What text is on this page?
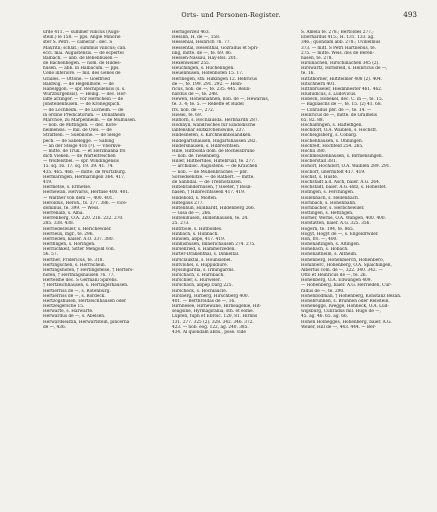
Orts- und Personen-Register.	493
urde 411. — summer villicus (Augs-
stein.) le 158. — pps. Angle Minorie
ster S. Petri. — camerar : dec. S
Mauritii; schlat.; summus villicus; can.
eccl. mai. Augustensis. — de ecpertel
Balbach. — abb. de Bebenhusen —
de Bachenhegen. — nom. de Hildes-
husen. — abb. in Halbacum. — pps.
Celle inferiore. — mil. des Genes de
Gralles. — Ottone. — Goeffried
Baldwig. — de Hegenlhofe. — de
Habelggon. — spr. Rechipulensis (s. s.
Würzburgensis). — Heilig. — dec. Hor-
laffe arzinger. — vor Hernchein — de
Jonstellenhusen. — de Kronegspich.
— de Lochheim. — de Lucheim. — de
in ordine Predicatorum. — Donatheim
Marchoe, zu Marpenheim. — de Mulhusen.
— nob. de Mittingen. — dec. Kore-
heimensis. — mil. de Ows. — de
Straffsen. — Suebilohe. — de Sleige
pech. — de Sabelegge. — Sabing
— an der Steige 416 (?). — Vberkve-
— mitte. de Truk. — et Herzmanna frs
dicti Vieken. — de Warteltreichen
— Wolfelsthel. — spr. Windingensis
15. sq. 16. 17. sq. 19. 39. 41. 74.
435. 465. 466. — mitte. de Wurtzburg.
Hermaringen, Hermaringen 364. 417.
419.
Hermetse, s. Ermetse.
Hernewan. Hervarss, Hertlise 400. 401.
— Walther von dem —, 400. 401.
Heroldus, Heroh., ts. 377. 386. — vice-
dominus, te. 399. — Wess.
Herrenalb, s. Alba.
Herrenberg, O.A. 220. 216. 232. 270.
285. 338. 438.
Herriedeswiler, s. Herichewiler.
Herrieux, mgr., te. 296.
Herrieden, kaiser. A.O. 337. 380.
Herlfingen, s. Horingen.
Herrlichkeit, Sitter Mengold von.
56. 57.
Herther, Fridericus, te. 318.
Hertingschen, s. Herrnchein.
Hertingshofen, † Hertingsfelse, † Herters-
hofen, † Herthingshausen 76. 77.
Hertelshe dec. S Germani Spirens.
† Hertzeichhausen, s. Hertzigerhausen.
Hertierriss de —, s. Rotenburg.
Hertierriss de —, s. Rordeck.
Hertzogshusen, Hertzeichhausen oder
Hertzeigersche 15.
Herwarte, s. Harwarte.
Herwardus de —, s. Abelsen.
Herwardseistin, Herwartstein, pincerna
de —, 436.
Hernigerzeil 463.
Hesslin, H. de —, 158.
Hessenial, Heinrich 76. 77.
Hessental, Hesenthal, Gozradus et Spri-
ling, mitte. de —, te. 69. 86.
Hessen-Nassau, Hay-Bss. 201.
Hexenweiler 255.
Heuchingen, s. Huchelingen.
Heuenhusen, Hofenhofen 15. 17.
Herinegen, stn. Hilkingen 12. Hebricus
de —, te. 199. 291. 292. — Hein-
ricus, nob. de —, te. 235. 445. Relin-
hardus de —, te. 248.
Hewen, Hohenhahnen, nob. de —, Hewarius,
te. 3. 4; te. 5. — Rebeffe et Rüdel
frs. nob. de —, 272.
Hiesel, te. 69.
Hilflorn, s. Hochlausda. Herbhardh 287.
Hodinyll, wandrisches für Eindodische
lanfensbar Hiltkirchenswille, 237.
Hildeshefen, s. Kirchheimbolandken.
Hildegartshausen, Hilgartshausen 282.
Hildershausen, s. Hilbrechtsen.
Hille, Hiltbolda dom. de Bochelsbruno
— nob. de Tiesenberg.
Hiller, Hiltbertdes, Hiltebruat, te. 277.
— archidioc. Augustens. — de Kraichen
— nob. — de Mullenbraches — pbr.
Sorsedsenitze. — de Rathert. — mitte.
de Sanndal. — de Trebhofanzen.
Hiltebranderhusen, † Hoeter, † Bosli-
hasen, † Hilbrechtsseen 417. 419.
Hildebold, s. Mölten.
Hiltegaus 277.
Hiltenhun, Hildbardt, Hildenberg 266.
— Gisa de —, 266.
Hiltenihusen, Hildenhausen, te. 24.
25. 273.
Hiltrbole, s. Hiltboldes.
Hinbach, s. Hunbach.
Hinolen, abpe, 417. 419.
Hinhishusen, Imnerichausen 274. 275.
Hirsenried, s. Hammerzeden.
Hirter-Drakenthal, s. Dinkeltal.
Hirsclauktal, s. Hounsiebel.
Hiltvlohel, s. Huppildiure.
Hyssingardia, s. Irmingardis.
Hirschach, s. Hurnbach.
Hirschler, s. Hurweler.
Hirschach, abpep Darg 225.
Hirscheck, s. Hochlaucle.
Hirsberg, Hirberg, Hirschberg 400.
401. — Berthroldas de —, 16.
Hirnnesee, Hirnewane, Hirneagenie, Hit-
seagsine, Hyrmagirania, stn. et eome.
Lupfen, tuph et Ebroic. 120, 81. Hirnns
131. 277. 325 (2). 328. 342. 346. 372.
423. — nob. eog. 122, ag. 240. 385.
434. Al quondam abbs., pose. vide
S. Amelii te. 278.; Bertoldes 277.;
Eberhardus 415.; H. 131. 133. ag.
346.; quondam abb. 278.; Uvillelmus
373. — mitt. S Petri Hartliebus, te.
275. — mitte. Weis. dos de Beren-
hasen, te. 278.
Hirsinachen, Hirschinachen 345 (2).
Hirswartz, Hirnsfeld, s. Heinricus de —,
te. 16.
Hittithorner, Hiltiteimer 408 (2). 404.
Hitschnern 401.
Hittlibruseler, Hiedinnester 461. 462.
Hlududicus, s. Ludovicus.
Hobeck, Hobekel, dec. C. in —, te. 15.
— Bagilaschs de —, te. 15. (2) 41. 68.
— Conradus pbr. de —, te. 14. —
Heinricus de —, mitte. de Gralhelis
65. 82. 88.
Hochalfingen, s. Haltelfigen.
Hochdorf, O.A. Waiblen, s. Höchstf.
Hocheigisberg, s. Cobarg.
Hochenhausen, s. Onningen.
Hochfelt, Hochfeld 254. 265.
Hochli 380.
Hochmeszenbausen, s. Birmensingen.
Hocherstall 381.
Hohorf, Hochdorf, O.A. Waiblen 289. 291.
Hochorf, unermitelt 417. 419.
Höchst, s. Huste.
Höchstädt a.d. Asch, baier. A.G. 264.
Höchstädt, baier. A.G.-Bitz, s. Hohestet.
Höfingen, s. Ferchingen.
Höllenbach, s. Hellenbach.
Hornbach, s. Hohenhahn.
Hörnbacher, s. Herbchewiler.
Höttingen, s. Hettingen.
Hörner, Werne, O.A. Wangen, 400. 400.
Hofstätten, baier. A.G. 325. 356.
Hogern, te. 194, te. 865.
Hogyt, Hogyt de —, s. Engeldrwiler.
Hoh, frs. —, 400.
Hohenaltingen, s. Altingen.
Hohebach, s. Hobach.
Hohenaltheim, s. Altheim.
Hohenberg, Hohenbierch, Hohenbero,
Hohinberc, Hohenberg, O.A. Spaichingen,
Albertus com. de —, 322. 340. 342. —
Otto et Heinricus de —, te. 26.
Hohenberg, O.A. Ellwangen 409.
— Hohenberg, baier. A.G. Herrieden, Cur-
radus de —, te. 290.
Hohenbodman, † Hohenberg, Konstanz Bezah.
Hohebrunnen, s. Brunnen oder Rebstein.
Hohenegge, Iwegge, Hohneck, O.A. Lud-
wigsburg, Cunradus mil. Hugo de —,
45. ag. 46. 65. ag. 66.
Hohen Holnegges, Hohenberg, baier. A.G.
Weiler, Hill de —, 443. 444. — Ber-
